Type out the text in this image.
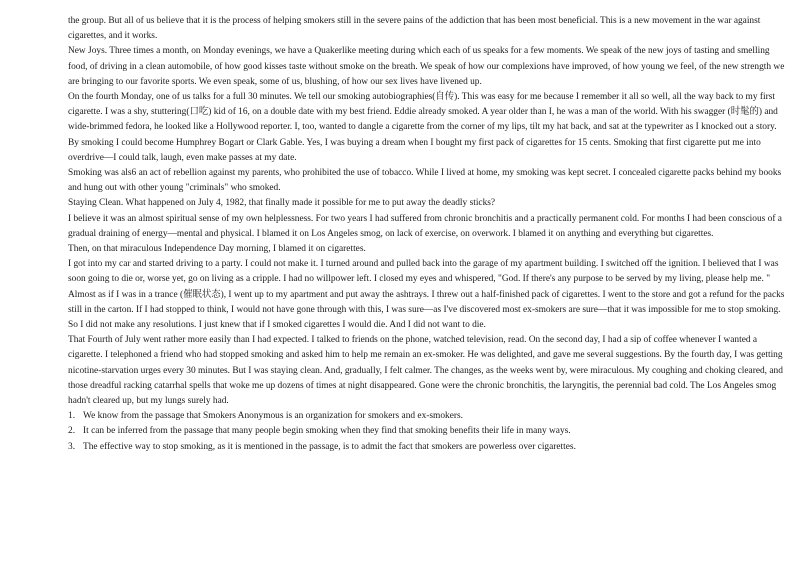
the group. But all of us believe that it is the process of helping smokers still in the severe pains of the addiction that has been most beneficial. This is a new movement in the war against cigarettes, and it works.

New Joys. Three times a month, on Monday evenings, we have a Quakerlike meeting during which each of us speaks for a few moments. We speak of the new joys of tasting and smelling food, of driving in a clean automobile, of how good kisses taste without smoke on the breath. We speak of how our complexions have improved, of how young we feel, of the new strength we are bringing to our favorite sports. We even speak, some of us, blushing, of how our sex lives have livened up.

On the fourth Monday, one of us talks for a full 30 minutes. We tell our smoking autobiographies(自传). This was easy for me because I remember it all so well, all the way back to my first cigarette. I was a shy, stuttering(口吃) kid of 16, on a double date with my best friend. Eddie already smoked. A year older than I, he was a man of the world. With his swagger (时髦的) and wide-brimmed fedora, he looked like a Hollywood reporter. I, too, wanted to dangle a cigarette from the corner of my lips, tilt my hat back, and sat at the typewriter as I knocked out a story.

By smoking I could become Humphrey Bogart or Clark Gable. Yes, I was buying a dream when I bought my first pack of cigarettes for 15 cents. Smoking that first cigarette put me into overdrive—I could talk, laugh, even make passes at my date.

Smoking was als6 an act of rebellion against my parents, who prohibited the use of tobacco. While I lived at home, my smoking was kept secret. I concealed cigarette packs behind my books and hung out with other young "criminals" who smoked.

Staying Clean. What happened on July 4, 1982, that finally made it possible for me to put away the deadly sticks?

I believe it was an almost spiritual sense of my own helplessness. For two years I had suffered from chronic bronchitis and a practically permanent cold. For months I had been conscious of a gradual draining of energy—mental and physical. I blamed it on Los Angeles smog, on lack of exercise, on overwork. I blamed it on anything and everything but cigarettes.

Then, on that miraculous Independence Day morning, I blamed it on cigarettes.

I got into my car and started driving to a party. I could not make it. I turned around and pulled back into the garage of my apartment building. I switched off the ignition. I believed that I was soon going to die or, worse yet, go on living as a cripple. I had no willpower left. I closed my eyes and whispered, "God. If there's any purpose to be served by my living, please help me. "

Almost as if I was in a trance (催眠状态), I went up to my apartment and put away the ashtrays. I threw out a half-finished pack of cigarettes. I went to the store and got a refund for the packs still in the carton. If I had stopped to think, I would not have gone through with this, I was sure—as I've discovered most ex-smokers are sure—that it was impossible for me to stop smoking. So I did not make any resolutions. I just knew that if I smoked cigarettes I would die. And I did not want to die.

That Fourth of July went rather more easily than I had expected. I talked to friends on the phone, watched television, read. On the second day, I had a sip of coffee whenever I wanted a cigarette. I telephoned a friend who had stopped smoking and asked him to help me remain an ex-smoker. He was delighted, and gave me several suggestions. By the fourth day, I was getting nicotine-starvation urges every 30 minutes. But I was staying clean. And, gradually, I felt calmer. The changes, as the weeks went by, were miraculous. My coughing and choking cleared, and those dreadful racking catarrhal spells that woke me up dozens of times at night disappeared. Gone were the chronic bronchitis, the laryngitis, the perennial bad cold. The Los Angeles smog hadn't cleared up, but my lungs surely had.

1. We know from the passage that Smokers Anonymous is an organization for smokers and ex-smokers.
2. It can be inferred from the passage that many people begin smoking when they find that smoking benefits their life in many ways.
3. The effective way to stop smoking, as it is mentioned in the passage, is to admit the fact that smokers are powerless over cigarettes.
